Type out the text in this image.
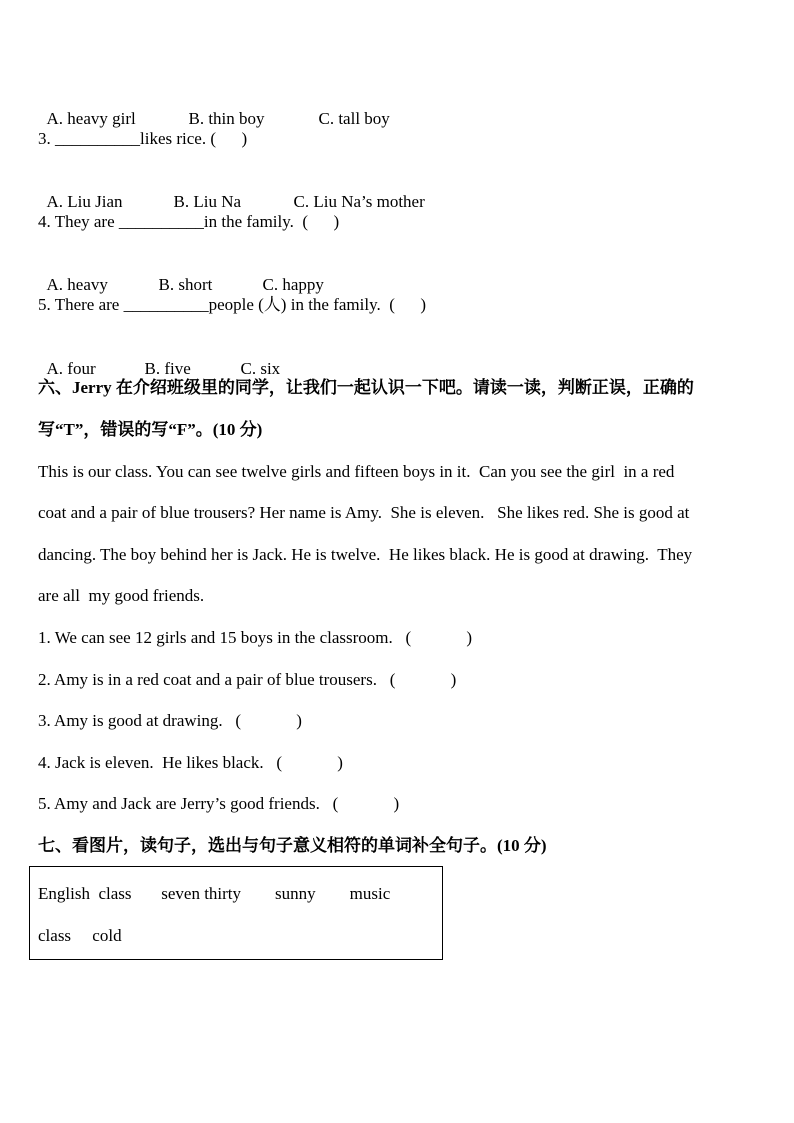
A. heavy girl	B. thin boy	C. tall boy

3. __________likes rice. (      )

A. Liu Jian	B. Liu Na	C. Liu Na’s mother

4. They are __________in the family.  (      )

A. heavy	B. short	C. happy

5. There are __________people (人) in the family.  (      )

A. four	B. five	C. six

六、Jerry 在介绍班级里的同学，让我们一起认识一下吧。请读一读，判断正误，正确的
写“T”，错误的写“F”。(10 分)
This is our class. You can see twelve girls and fifteen boys in it.  Can you see the girl  in a red
coat and a pair of blue trousers? Her name is Amy.  She is eleven.   She likes red. She is good at
dancing. The boy behind her is Jack. He is twelve.  He likes black. He is good at drawing.  They
are all  my good friends.
1. We can see 12 girls and 15 boys in the classroom.   (             )
2. Amy is in a red coat and a pair of blue trousers.   (             )
3. Amy is good at drawing.   (             )
4. Jack is eleven.  He likes black.   (             )
5. Amy and Jack are Jerry’s good friends.   (             )
七、看图片，读句子，选出与句子意义相符的单词补全句子。(10 分)
English  class       seven thirty        sunny        music
class     cold
